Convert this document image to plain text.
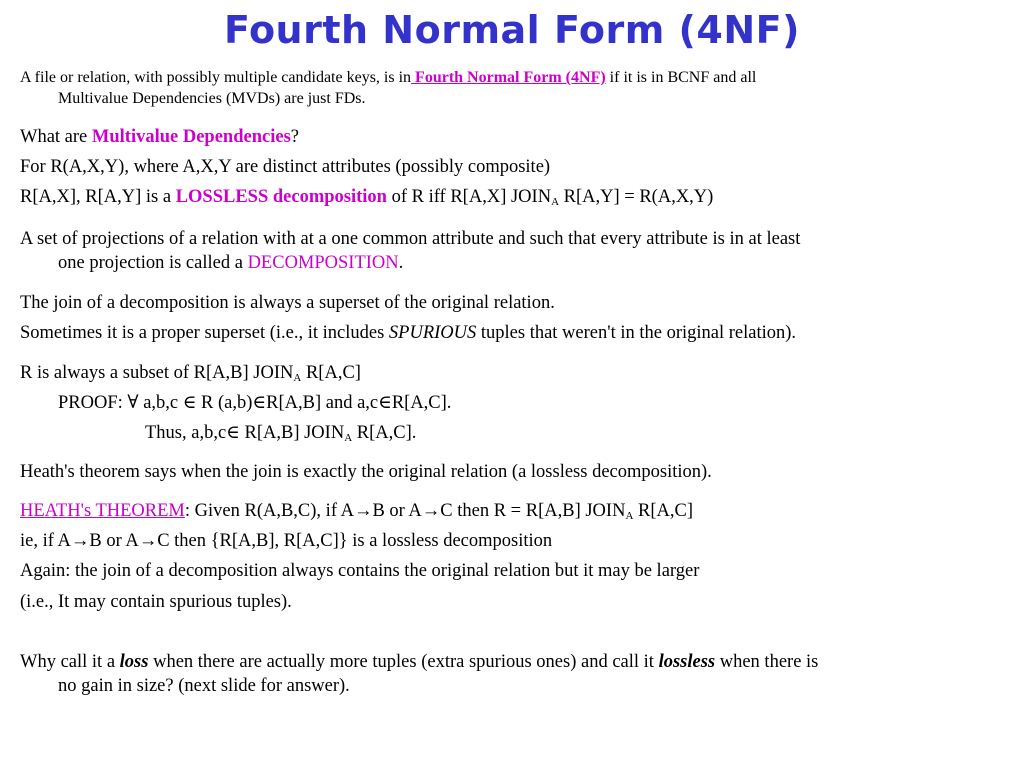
Fourth Normal Form (4NF)
A file or relation, with possibly multiple candidate keys, is in Fourth Normal Form (4NF) if it is in BCNF and all
Multivalue Dependencies (MVDs) are just FDs.
What are Multivalue Dependencies?
For R(A,X,Y), where A,X,Y are distinct attributes (possibly composite)
R[A,X], R[A,Y] is a LOSSLESS decomposition of R iff R[A,X] $JOIN_A$ R[A,Y] = R(A,X,Y)
A set of projections of a relation with at a one common attribute and such that every attribute is in at least
one projection is called a DECOMPOSITION.
The join of a decomposition is always a superset of the original relation.
Sometimes it is a proper superset (i.e., it includes SPURIOUS tuples that weren't in the original relation).
R is always a subset of R[A,B] $JOIN_A$ R[A,C]
PROOF: ∀ a,b,c ∈ R (a,b)∈R[A,B] and a,c∈R[A,C].
Thus, a,b,c∈ R[A,B] $JOIN_A$ R[A,C].
Heath's theorem says when the join is exactly the original relation (a lossless decomposition).
HEATH's THEOREM: Given R(A,B,C), if A→B or A→C then R = R[A,B] $JOIN_A$ R[A,C]
ie, if A→B or A→C then {R[A,B], R[A,C]} is a lossless decomposition
Again: the join of a decomposition always contains the original relation but it may be larger
(i.e., It may contain spurious tuples).
Why call it a loss when there are actually more tuples (extra spurious ones) and call it lossless when there is
no gain in size? (next slide for answer).
